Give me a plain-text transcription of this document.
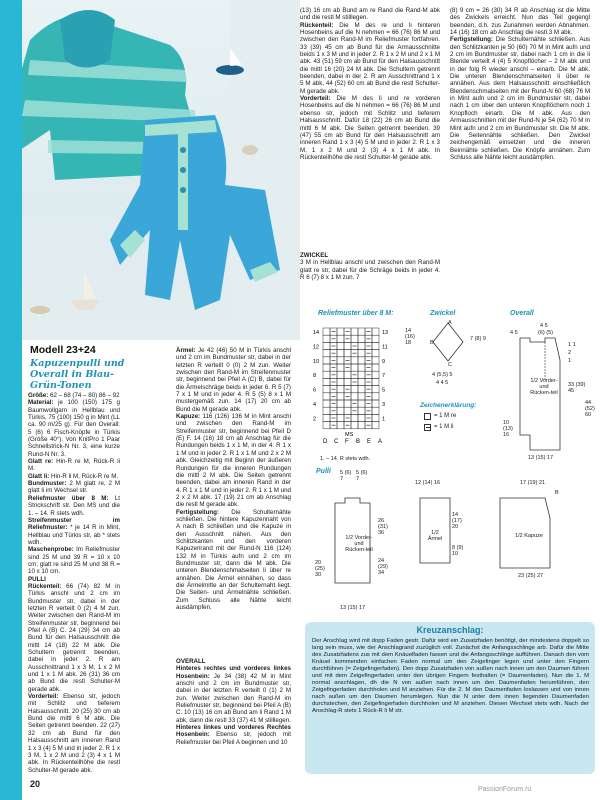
Modell 23+24
Kapuzenpulli und Overall in Blau-Grün-Tonen

Größe: 62 – 68 (74 – 80) 86 – 92

Material: je 100 (150) 175 g Baumwollgarn in Hellblau und Türkis, 75 (100) 150 g in Mint (LL ca. 90 m/25 g). Für den Overall: 5 (6) 6 Fisch-Knöpfe in Türkis (Größe 40°). Von KnitPro 1 Paar Schnellstrick-N Nr. 3, eine kurze Rund-N Nr. 3.

Glatt re: Hin-R re M, Rück-R li M.

Glatt li: Hin-R li M, Rück-R re M.

Bundmuster: 2 M glatt re, 2 M glatt li im Wechsel str.

Reliefmuster über 8 M: Lt Strickschrift str. Den MS und die 1. – 14. R stets wdh.

Streifenmuster im Reliefmuster: * je 14 R in Mint, Hellblau und Türkis str, ab * stets wdh.

Maschenprobe: Im Reliefmuster sind 25 M und 39 R = 10 x 10 cm; glatt re sind 25 M und 38 R = 10 x 10 cm.

PULLI

Rückenteil: 66 (74) 82 M in Türkis anschl und 2 cm im Bundmuster str, dabei in der letzten R verteilt 0 (2) 4 M zun. Weiter zwischen den Rand-M im Streifenmuster str, beginnend bei Pfeil A (B) C. 24 (29) 34 cm ab Bund für den Halsausschnitt die mittl 14 (18) 22 M abk. Die Schultern getrennt beenden, dabei in jeder 2. R am Ausschnittrand 1 x 3 M, 1 x 2 M und 1 x 1 M abk. 26 (31) 36 cm ab Bund die restl Schulter-M gerade abk.

Vorderteil: Ebenso str, jedoch mit Schlitz und tieferem Halsausschnitt. 20 (25) 30 cm ab Bund die mittl 6 M abk. Die Seiten getrennt beenden. 22 (27) 32 cm ab Bund für den Halsausschnitt am inneren Rand 1 x 3 (4) 5 M und in jeder 2. R 1 x 3 M, 1 x 2 M und 2 (3) 4 x 1 M abk. In Rückenteilhöhe die restl Schulter-M gerade abk.

Ärmel: Je 42 (46) 50 M in Türkis anschl und 2 cm im Bundmuster str, dabei in der letzten R verteilt 0 (0) 2 M zun. Weiter zwischen den Rand-M im Streifenmuster str, beginnend bei Pfeil A (C) B, dabei für die Ärmelschräge beids in jeder 6. R 5 (7) 7 x 1 M und in jeder 4. R 5 (5) 8 x 1 M mustergemäß zun. 14 (17) 20 cm ab Bund die M gerade abk.

Kapuze: 116 (126) 136 M in Mint anschl und zwischen den Rand-M im Streifenmuster str, beginnend bei Pfeil D (E) F. 14 (16) 18 cm ab Anschlag für die Rundungen beids 1 x 1 M, in der 4. R 1 x 1 M und in jeder 2. R 1 x 1 M und 2 x 2 M abk. Gleichzeitig mit Beginn der äußeren Rundungen für die inneren Rundungen die mittl 2 M abk. Die Seiten getrennt beenden, dabei am inneren Rand in der 4. R 1 x 1 M und in jeder 2. R 1 x 1 M und 2 x 2 M abk. 17 (19) 21 cm ab Anschlag die restl M gerade abk.

Fertigstellung: Die Schulternähte schließen. Die hintere Kapuzennaht von A nach B schließen und die Kapuze in den Ausschnitt nähen. Aus den Schlitzkanten und den vorderen Kapuzenrand mit der Rund-N 116 (124) 132 M in Türkis aufn und 2 cm im Bundmuster str, dann die M abk. Die unteren Blendenschmalseiten li über re annähen. Die Ärmel einnähen, so dass die Ärmelmitte an der Schulternaht liegt. Die Seiten- und Ärmelnähte schließen. Zum Schluss alle Nähte leicht ausdämpfen.

OVERALL

Hinteres rechtes und vorderes linkes Hosenbein: Je 34 (38) 42 M in Mint anschl und 2 cm im Bundmuster str, dabei in der letzten R verteilt 0 (1) 2 M zun. Weiter zwischen den Rand-M im Reliefmuster str, beginnend bei Pfeil A (B) C. 10 (13) 16 cm ab Bund am li Rand 1 M abk, dann die restl 33 (37) 41 M stilllegen.

Hinteres linkes und vorderes Rechtes Hosenbein: Ebenso str, jedoch mit Reliefmuster bei Pfeil A beginnen und 10

(13) 16 cm ab Bund am re Rand die Rand-M abk und die restl M stilllegen.

Rückenteil: Die M des re und li hinteren Hosenbeins auf die N nehmen = 66 (76) 86 M und zwischen den Rand-M im Reliefmuster fortfahren. 33 (39) 45 cm ab Bund für die Armausschnitte beids 1 x 3 M und in jeder 2. R 1 x 2 M und 2 x 1 M abk. 43 (51) 59 cm ab Bund für den Halsausschnitt die mittl 16 (20) 24 M abk. Die Schultern getrennt beenden, dabei in der 2. R am Ausschnittrand 1 x 5 M abk, 44 (52) 60 cm ab Bund die restl Schulter-M gerade abk.

Vorderteil: Die M des li und re vorderen Hosenbeins auf die N nehmen = 66 (76) 86 M und ebenso str, jedoch mit Schlitz und tieferem Halsausschnitt. Dafür 18 (22) 26 cm ab Bund die mittl 6 M abk. Die Seiten getrennt beenden. 39 (47) 55 cm ab Bund für den Halsausschnitt am inneren Rand 1 x 3 (4) 5 M und in jeder 2. R 1 x 3 M, 1 x 2 M und 2 (3) 4 x 1 M abk. In Rückenteilhöhe die restl Schulter-M gerade abk.

ZWICKEL

3 M in Hellblau anschl und zwischen den Rand-M glatt re str, dabei für die Schräge beids in jeder 4. R 6 (7) 8 x 1 M zun. 7

(8) 9 cm = 26 (30) 34 R ab Anschlag ist die Mitte des Zwickels erreicht. Nun das Teil gegengl beenden, d.h. zus Zunahmen werden Abnahmen. 14 (16) 18 cm ab Anschlag die restl 3 M abk.

Fertigstellung: Die Schulternähte schließen. Aus den Schlitzkanten je 50 (60) 70 M in Mint aufn und 2 cm im Bundmuster str, dabei nach 1 cm in die li Blende verteilt 4 (4) 5 Knopflöcher – 2 M abk und in der folg R wieder anschl – einarb. Die M abk. Die unteren Blendenschmalseiten li über re annähen. Aus dem Halsausschnitt einschließlich Blendenschmalseiten mit der Rund-N 60 (68) 76 M in Mint aufn und 2 cm im Bundmuster str, dabei nach 1 cm über den unteren Knopflöchern noch 1 Knopfloch einarb. Die M abk. Aus den Armausschnitten mit der Rund-N je 54 (62) 70 M in Mint aufn und 2 cm im Bundmuster str. Die M abk. Die Seitennähte schließen. Den Zwickel zeichengemäß einsetzen und die inneren Beinnähte schließen. Die Knöpfe annähen. Zum Schluss alle Nähte leicht ausdämpfen.

Reliefmuster über 8 M:
13
11
9
7
5
3
1
14
12
10
8
6
4
2
D C F B E A
MS
1. – 14. R stets wdh.
Zwickel
A
B
C
7 (8) 9
14 (16) 18
4 (5,5) 5
4 4 5
Zeichenerklärung:
= 1 M re
= 1 M li
Overall
4 5
(6) (5)
4 5
1 1
2
1
33 (39) 45
10 (13) 16
13 (15) 17
44 (52) 60
1/2 Vorder- und Rücken-teil
Pulli
1/2 Vorder- und Rücken-teil
5 (6) 7
5 (6) 7
20 (25) 30
26 (31) 36
24 (29) 34
13 (15) 17
1/2 Ärmel
12 (14) 16
14 (17) 20
8 (9) 10
1/2 Kapuze
17 (19) 21
23 (25) 27
B
Kreuzanschlag:
Der Anschlag wird mit dopp Faden gestr. Dafür wird ein Zusatzfaden benötigt, der mindestens doppelt so lang sein muss, wie der Anschlagrand zuzüglich voll. Zunächst die Anfangsschlinge arb. Dafür die Mitte des Zusatzfadens zus mit dem Knäuelfaden fassen und die Anfangsschlinge aufführen. Danach den vom Knäuel kommenden einfachen Faden normal um den Zeigefinger legen und unter den Fingern durchführen (= Zeigefingerfaden). Den dopp Zusatzfaden von außen nach innen um den Daumen führen und mit dem Zeigefingerfaden unter den übrigen Fingern festhalten (= Daumenfaden). Nun die 1. M normal anschlagen, dh die N von außen nach innen um den Daumenfaden herumführen, den Zeigefingerfaden durchholen und M anziehen. Für die 2. M den Daumenfaden loslassen und von innen nach außen um den Daumen herumlegen. Nun die N unter dem innen liegenden Daumenfaden durchstechen, den Zeigefingerfaden durchholen und M anziehen. Diesen Wechsel stets wdh. Nach der Anschlag-R stets 1 Rück-R li M str.
20
PassionForum.ru
